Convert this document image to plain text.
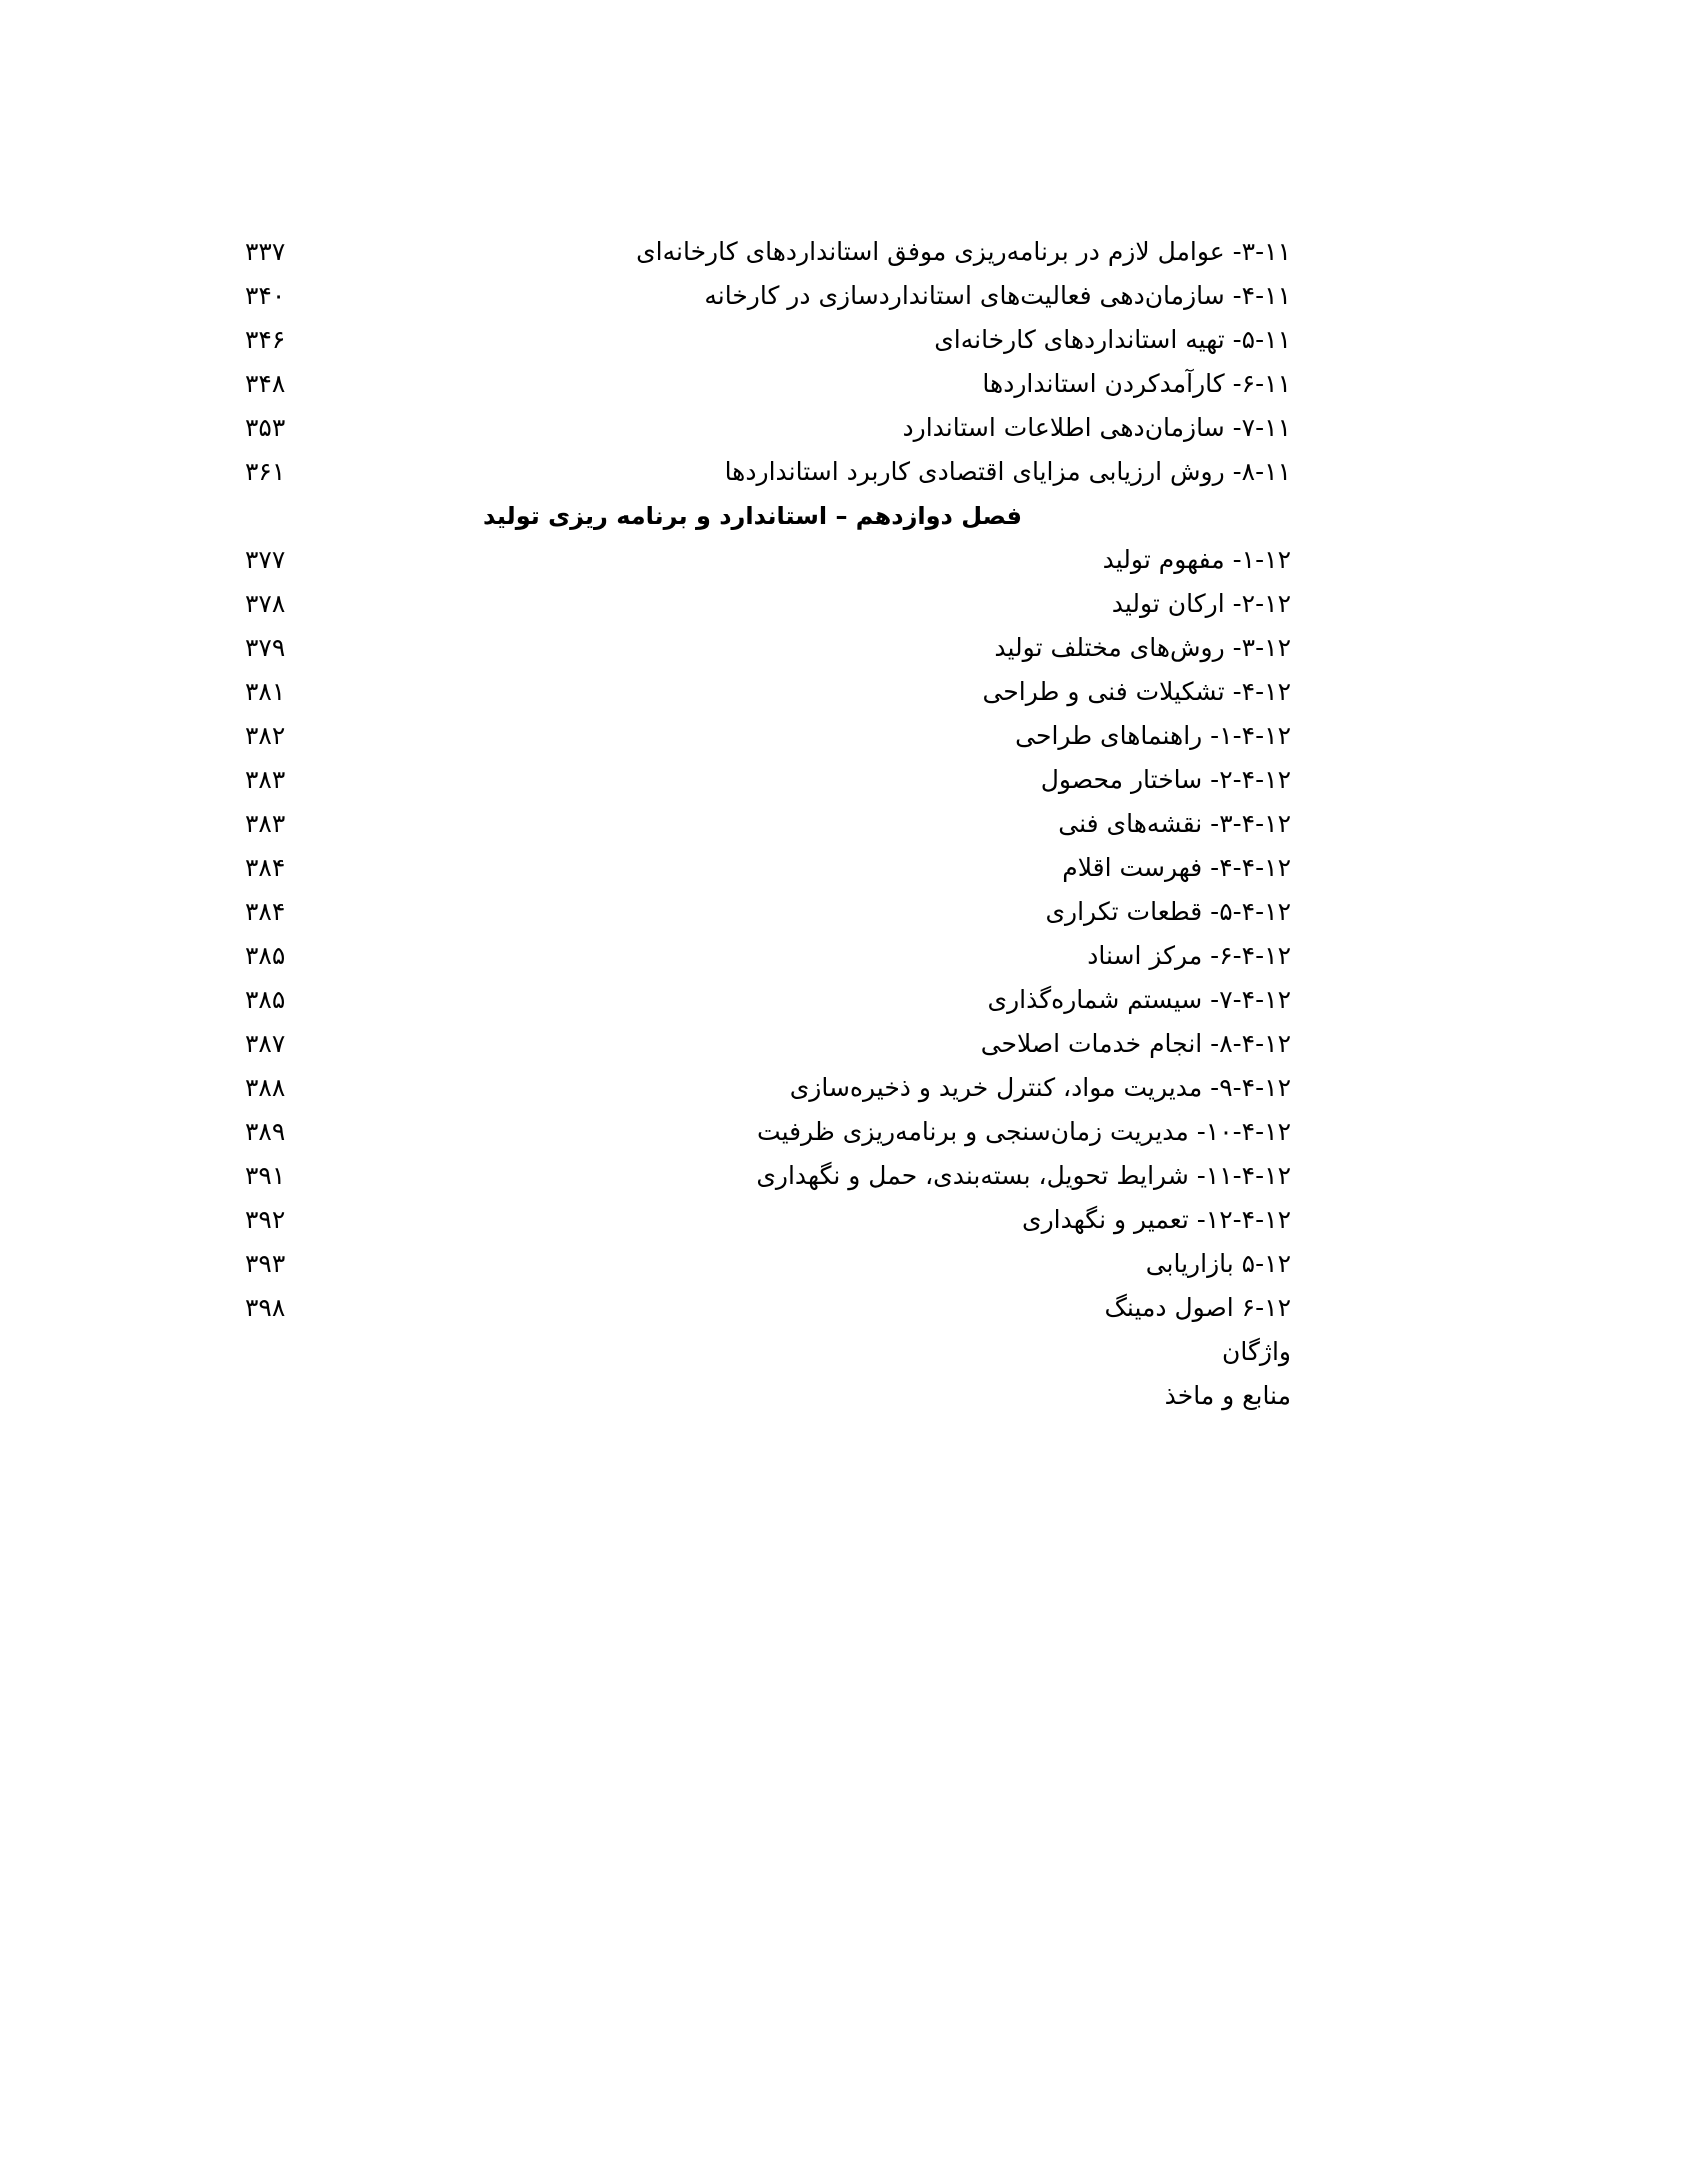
۱۱‏-۳‏- عوامل لازم در برنامه‌ریزی موفق استانداردهای کارخانه‌ای
۳۳۷
۱۱‏-۴‏- سازمان‌دهی فعالیت‌های استانداردسازی در کارخانه
۳۴۰
۱۱‏-۵‏- تهیه استانداردهای کارخانه‌ای
۳۴۶
۱۱‏-۶‏- کارآمدکردن استانداردها
۳۴۸
۱۱‏-۷‏- سازمان‌دهی اطلاعات استاندارد
۳۵۳
۱۱‏-۸‏- روش ارزیابی مزایای اقتصادی کاربرد استانداردها
۳۶۱
فصل دوازدهم – استاندارد و برنامه ریزی تولید
۱۲‏-۱‏- مفهوم تولید
۳۷۷
۱۲‏-۲‏- ارکان تولید
۳۷۸
۱۲‏-۳‏- روش‌های مختلف تولید
۳۷۹
۱۲‏-۴‏- تشکیلات فنی و طراحی
۳۸۱
۱۲‏-۴‏-۱‏- راهنماهای طراحی
۳۸۲
۱۲‏-۴‏-۲‏- ساختار محصول
۳۸۳
۱۲‏-۴‏-۳‏- نقشه‌های فنی
۳۸۳
۱۲‏-۴‏-۴‏- فهرست اقلام
۳۸۴
۱۲‏-۴‏-۵‏- قطعات تکراری
۳۸۴
۱۲‏-۴‏-۶‏- مرکز اسناد
۳۸۵
۱۲‏-۴‏-۷‏- سیستم شماره‌گذاری
۳۸۵
۱۲‏-۴‏-۸‏- انجام خدمات اصلاحی
۳۸۷
۱۲‏-۴‏-۹‏- مدیریت مواد، کنترل خرید و ذخیره‌سازی
۳۸۸
۱۲‏-۴‏-۱۰‏- مدیریت زمان‌سنجی و برنامه‌ریزی ظرفیت
۳۸۹
۱۲‏-۴‏-۱۱‏- شرایط تحویل، بسته‌بندی، حمل و نگهداری
۳۹۱
۱۲‏-۴‏-۱۲‏- تعمیر و نگهداری
۳۹۲
۱۲‏-۵ بازاریابی
۳۹۳
۱۲‏-۶ اصول دمینگ
۳۹۸
واژگان
منابع و ماخذ
